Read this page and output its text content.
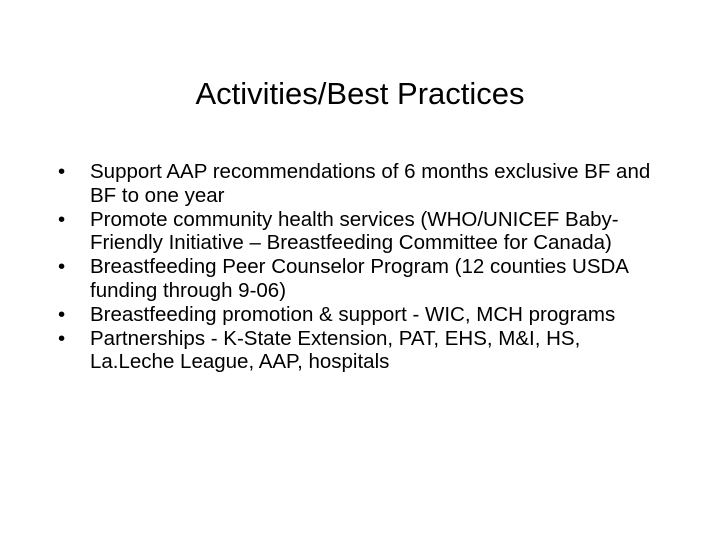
Activities/Best Practices
•	Support AAP recommendations of 6 months exclusive BF and BF to one year
•	Promote community health services (WHO/UNICEF Baby-Friendly Initiative – Breastfeeding Committee for Canada)
•	Breastfeeding Peer Counselor Program (12 counties USDA funding through 9-06)
•	Breastfeeding promotion & support - WIC, MCH programs
•	Partnerships - K-State Extension, PAT, EHS, M&I, HS, La.Leche League, AAP, hospitals
